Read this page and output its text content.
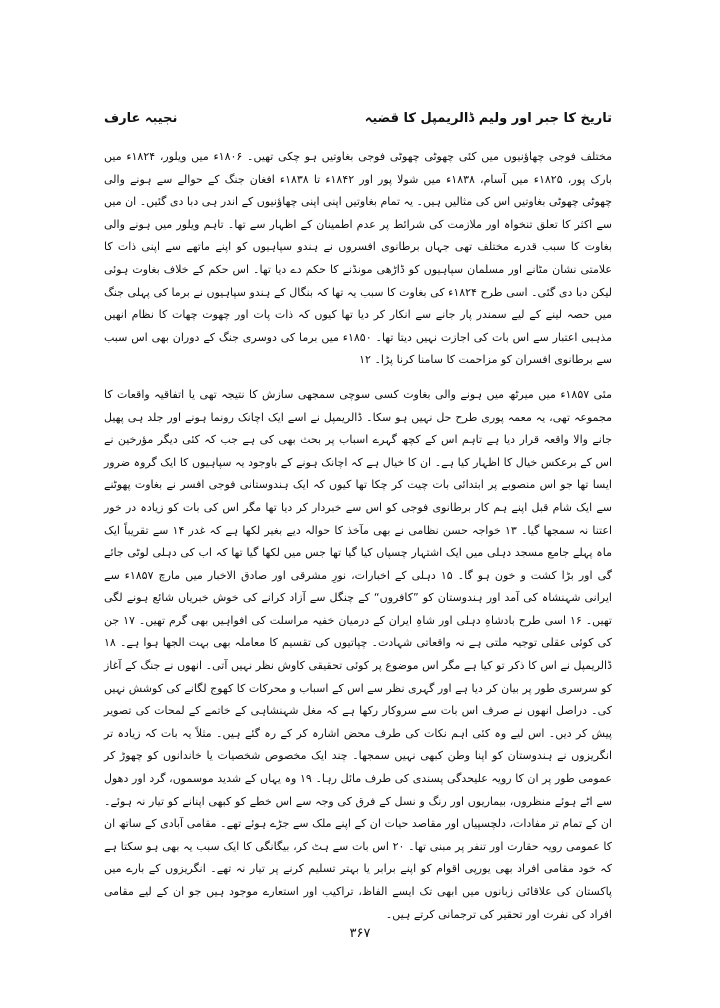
تاریخ کا جبر اور ولیم ڈالریمپل کا قضیہ
نجیبہ عارف

مختلف فوجی چھاؤنیوں میں کئی چھوٹی چھوٹی فوجی بغاوتیں ہو چکی تھیں۔ ۱۸۰۶ء میں ویلور، ۱۸۲۴ء میں بارک پور، ۱۸۲۵ء میں آسام، ۱۸۳۸ء میں شولا پور اور ۱۸۴۲ء تا ۱۸۳۸ء افغان جنگ کے حوالے سے ہونے والی چھوٹی چھوٹی بغاوتیں اس کی مثالیں ہیں۔ یہ تمام بغاوتیں اپنی اپنی چھاؤنیوں کے اندر ہی دبا دی گئیں۔ ان میں سے اکثر کا تعلق تنخواہ اور ملازمت کی شرائط پر عدم اطمینان کے اظہار سے تھا۔ تاہم ویلور میں ہونے والی بغاوت کا سبب قدرے مختلف تھی جہاں برطانوی افسروں نے ہندو سپاہیوں کو اپنے ماتھے سے اپنی ذات کا علامتی نشان مٹانے اور مسلمان سپاہیوں کو ڈاڑھی مونڈنے کا حکم دے دیا تھا۔ اس حکم کے خلاف بغاوت ہوئی لیکن دبا دی گئی۔ اسی طرح ۱۸۲۴ء کی بغاوت کا سبب یہ تھا کہ بنگال کے ہندو سپاہیوں نے برما کی پہلی جنگ میں حصہ لینے کے لیے سمندر پار جانے سے انکار کر دیا تھا کیوں کہ ذات پات اور چھوت چھات کا نظام انھیں مذہبی اعتبار سے اس بات کی اجازت نہیں دیتا تھا۔ ۱۸۵۰ء میں برما کی دوسری جنگ کے دوران بھی اس سبب سے برطانوی افسران کو مزاحمت کا سامنا کرنا پڑا۔ ۱۲

مئی ۱۸۵۷ء میں میرٹھ میں ہونے والی بغاوت کسی سوچی سمجھی سازش کا نتیجہ تھی یا اتفاقیہ واقعات کا مجموعہ تھی، یہ معمہ پوری طرح حل نہیں ہو سکا۔ ڈالریمپل نے اسے ایک اچانک رونما ہونے اور جلد ہی پھیل جانے والا واقعہ قرار دیا ہے تاہم اس کے کچھ گہرے اسباب پر بحث بھی کی ہے جب کہ کئی دیگر مؤرخین نے اس کے برعکس خیال کا اظہار کیا ہے۔ ان کا خیال ہے کہ اچانک ہونے کے باوجود یہ سپاہیوں کا ایک گروہ ضرور ایسا تھا جو اس منصوبے پر ابتدائی بات چیت کر چکا تھا کیوں کہ ایک ہندوستانی فوجی افسر نے بغاوت پھوٹنے سے ایک شام قبل اپنے ہم کار برطانوی فوجی کو اس سے خبردار کر دیا تھا مگر اس کی بات کو زیادہ در خور اعتنا نہ سمجھا گیا۔ ۱۳ خواجہ حسن نظامی نے بھی مآخذ کا حوالہ دیے بغیر لکھا ہے کہ غدر ۱۴ سے تقریباً ایک ماہ پہلے جامع مسجد دہلی میں ایک اشتہار چسپاں کیا گیا تھا جس میں لکھا گیا تھا کہ اب کی دہلی لوٹی جائے گی اور بڑا کشت و خون ہو گا۔ ۱۵ دہلی کے اخبارات، نورِ مشرقی اور صادق الاخبار میں مارچ ۱۸۵۷ء سے ایرانی شہنشاہ کی آمد اور ہندوستان کو ”کافروں“ کے چنگل سے آزاد کرانے کی خوش خبریاں شائع ہونے لگی تھیں۔ ۱۶ اسی طرح بادشاہِ دہلی اور شاہِ ایران کے درمیان خفیہ مراسلت کی افواہیں بھی گرم تھیں۔ ۱۷ جن کی کوئی عقلی توجیہ ملتی ہے نہ واقعاتی شہادت۔ چپاتیوں کی تقسیم کا معاملہ بھی بہت الجھا ہوا ہے۔ ۱۸ ڈالریمپل نے اس کا ذکر تو کیا ہے مگر اس موضوع پر کوئی تحقیقی کاوش نظر نہیں آتی۔ انھوں نے جنگ کے آغاز کو سرسری طور پر بیان کر دیا ہے اور گہری نظر سے اس کے اسباب و محرکات کا کھوج لگانے کی کوشش نہیں کی۔ دراصل انھوں نے صرف اس بات سے سروکار رکھا ہے کہ مغل شہنشاہی کے خاتمے کے لمحات کی تصویر پیش کر دیں۔ اس لیے وہ کئی اہم نکات کی طرف محض اشارہ کر کے رہ گئے ہیں۔ مثلاً یہ بات کہ زیادہ تر انگریزوں نے ہندوستان کو اپنا وطن کبھی نہیں سمجھا۔ چند ایک مخصوص شخصیات یا خاندانوں کو چھوڑ کر عمومی طور پر ان کا رویہ علیحدگی پسندی کی طرف مائل رہا۔ ۱۹ وہ یہاں کے شدید موسموں، گرد اور دھول سے اٹے ہوئے منظروں، بیماریوں اور رنگ و نسل کے فرق کی وجہ سے اس خطے کو کبھی اپنانے کو تیار نہ ہوئے۔ ان کے تمام تر مفادات، دلچسپیاں اور مقاصد حیات ان کے اپنے ملک سے جڑے ہوئے تھے۔ مقامی آبادی کے ساتھ ان کا عمومی رویہ حقارت اور تنفر پر مبنی تھا۔ ۲۰ اس بات سے ہٹ کر، بیگانگی کا ایک سبب یہ بھی ہو سکتا ہے کہ خود مقامی افراد بھی یورپی اقوام کو اپنے برابر یا بہتر تسلیم کرنے پر تیار نہ تھے۔ انگریزوں کے بارے میں پاکستان کی علاقائی زبانوں میں ابھی تک ایسے الفاظ، تراکیب اور استعارے موجود ہیں جو ان کے لیے مقامی افراد کی نفرت اور تحقیر کی ترجمانی کرتے ہیں۔

۳۶۷
